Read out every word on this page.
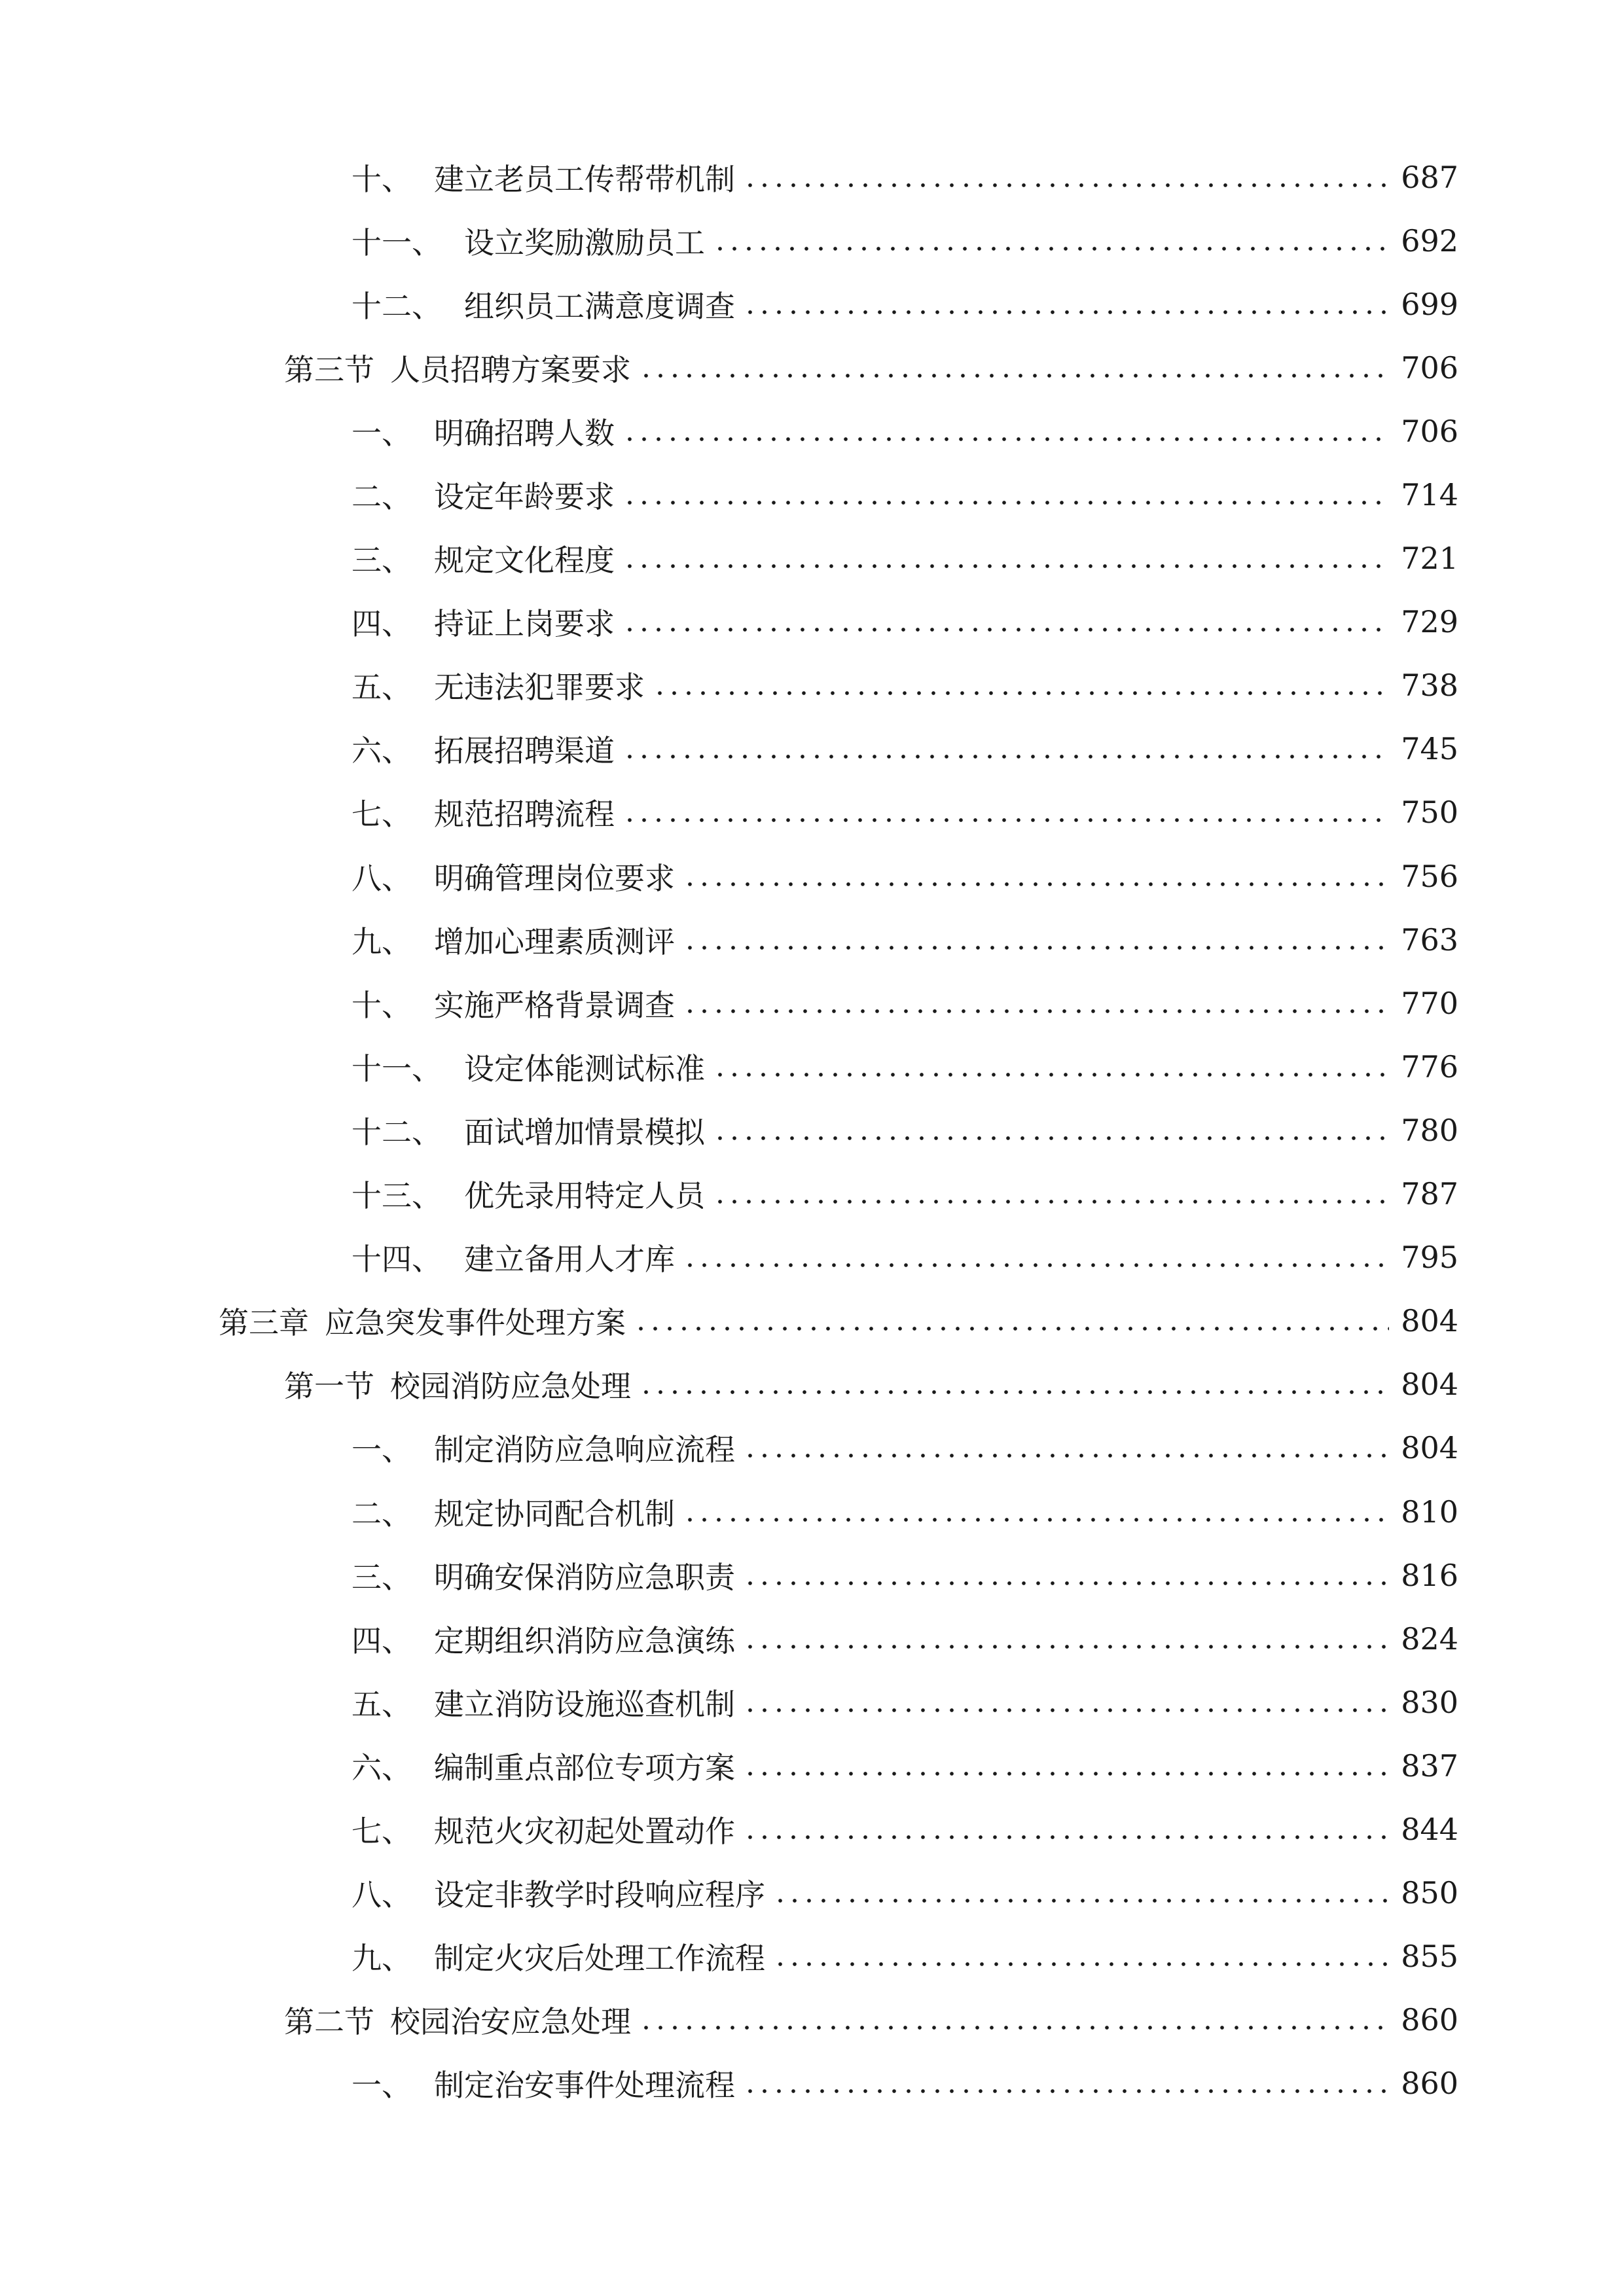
十、 建立老员工传帮带机制	687
十一、 设立奖励激励员工	692
十二、 组织员工满意度调查	699
第三节 人员招聘方案要求	706
一、 明确招聘人数	706
二、 设定年龄要求	714
三、 规定文化程度	721
四、 持证上岗要求	729
五、 无违法犯罪要求	738
六、 拓展招聘渠道	745
七、 规范招聘流程	750
八、 明确管理岗位要求	756
九、 增加心理素质测评	763
十、 实施严格背景调查	770
十一、 设定体能测试标准	776
十二、 面试增加情景模拟	780
十三、 优先录用特定人员	787
十四、 建立备用人才库	795
第三章 应急突发事件处理方案	804
第一节 校园消防应急处理	804
一、 制定消防应急响应流程	804
二、 规定协同配合机制	810
三、 明确安保消防应急职责	816
四、 定期组织消防应急演练	824
五、 建立消防设施巡查机制	830
六、 编制重点部位专项方案	837
七、 规范火灾初起处置动作	844
八、 设定非教学时段响应程序	850
九、 制定火灾后处理工作流程	855
第二节 校园治安应急处理	860
一、 制定治安事件处理流程	860
